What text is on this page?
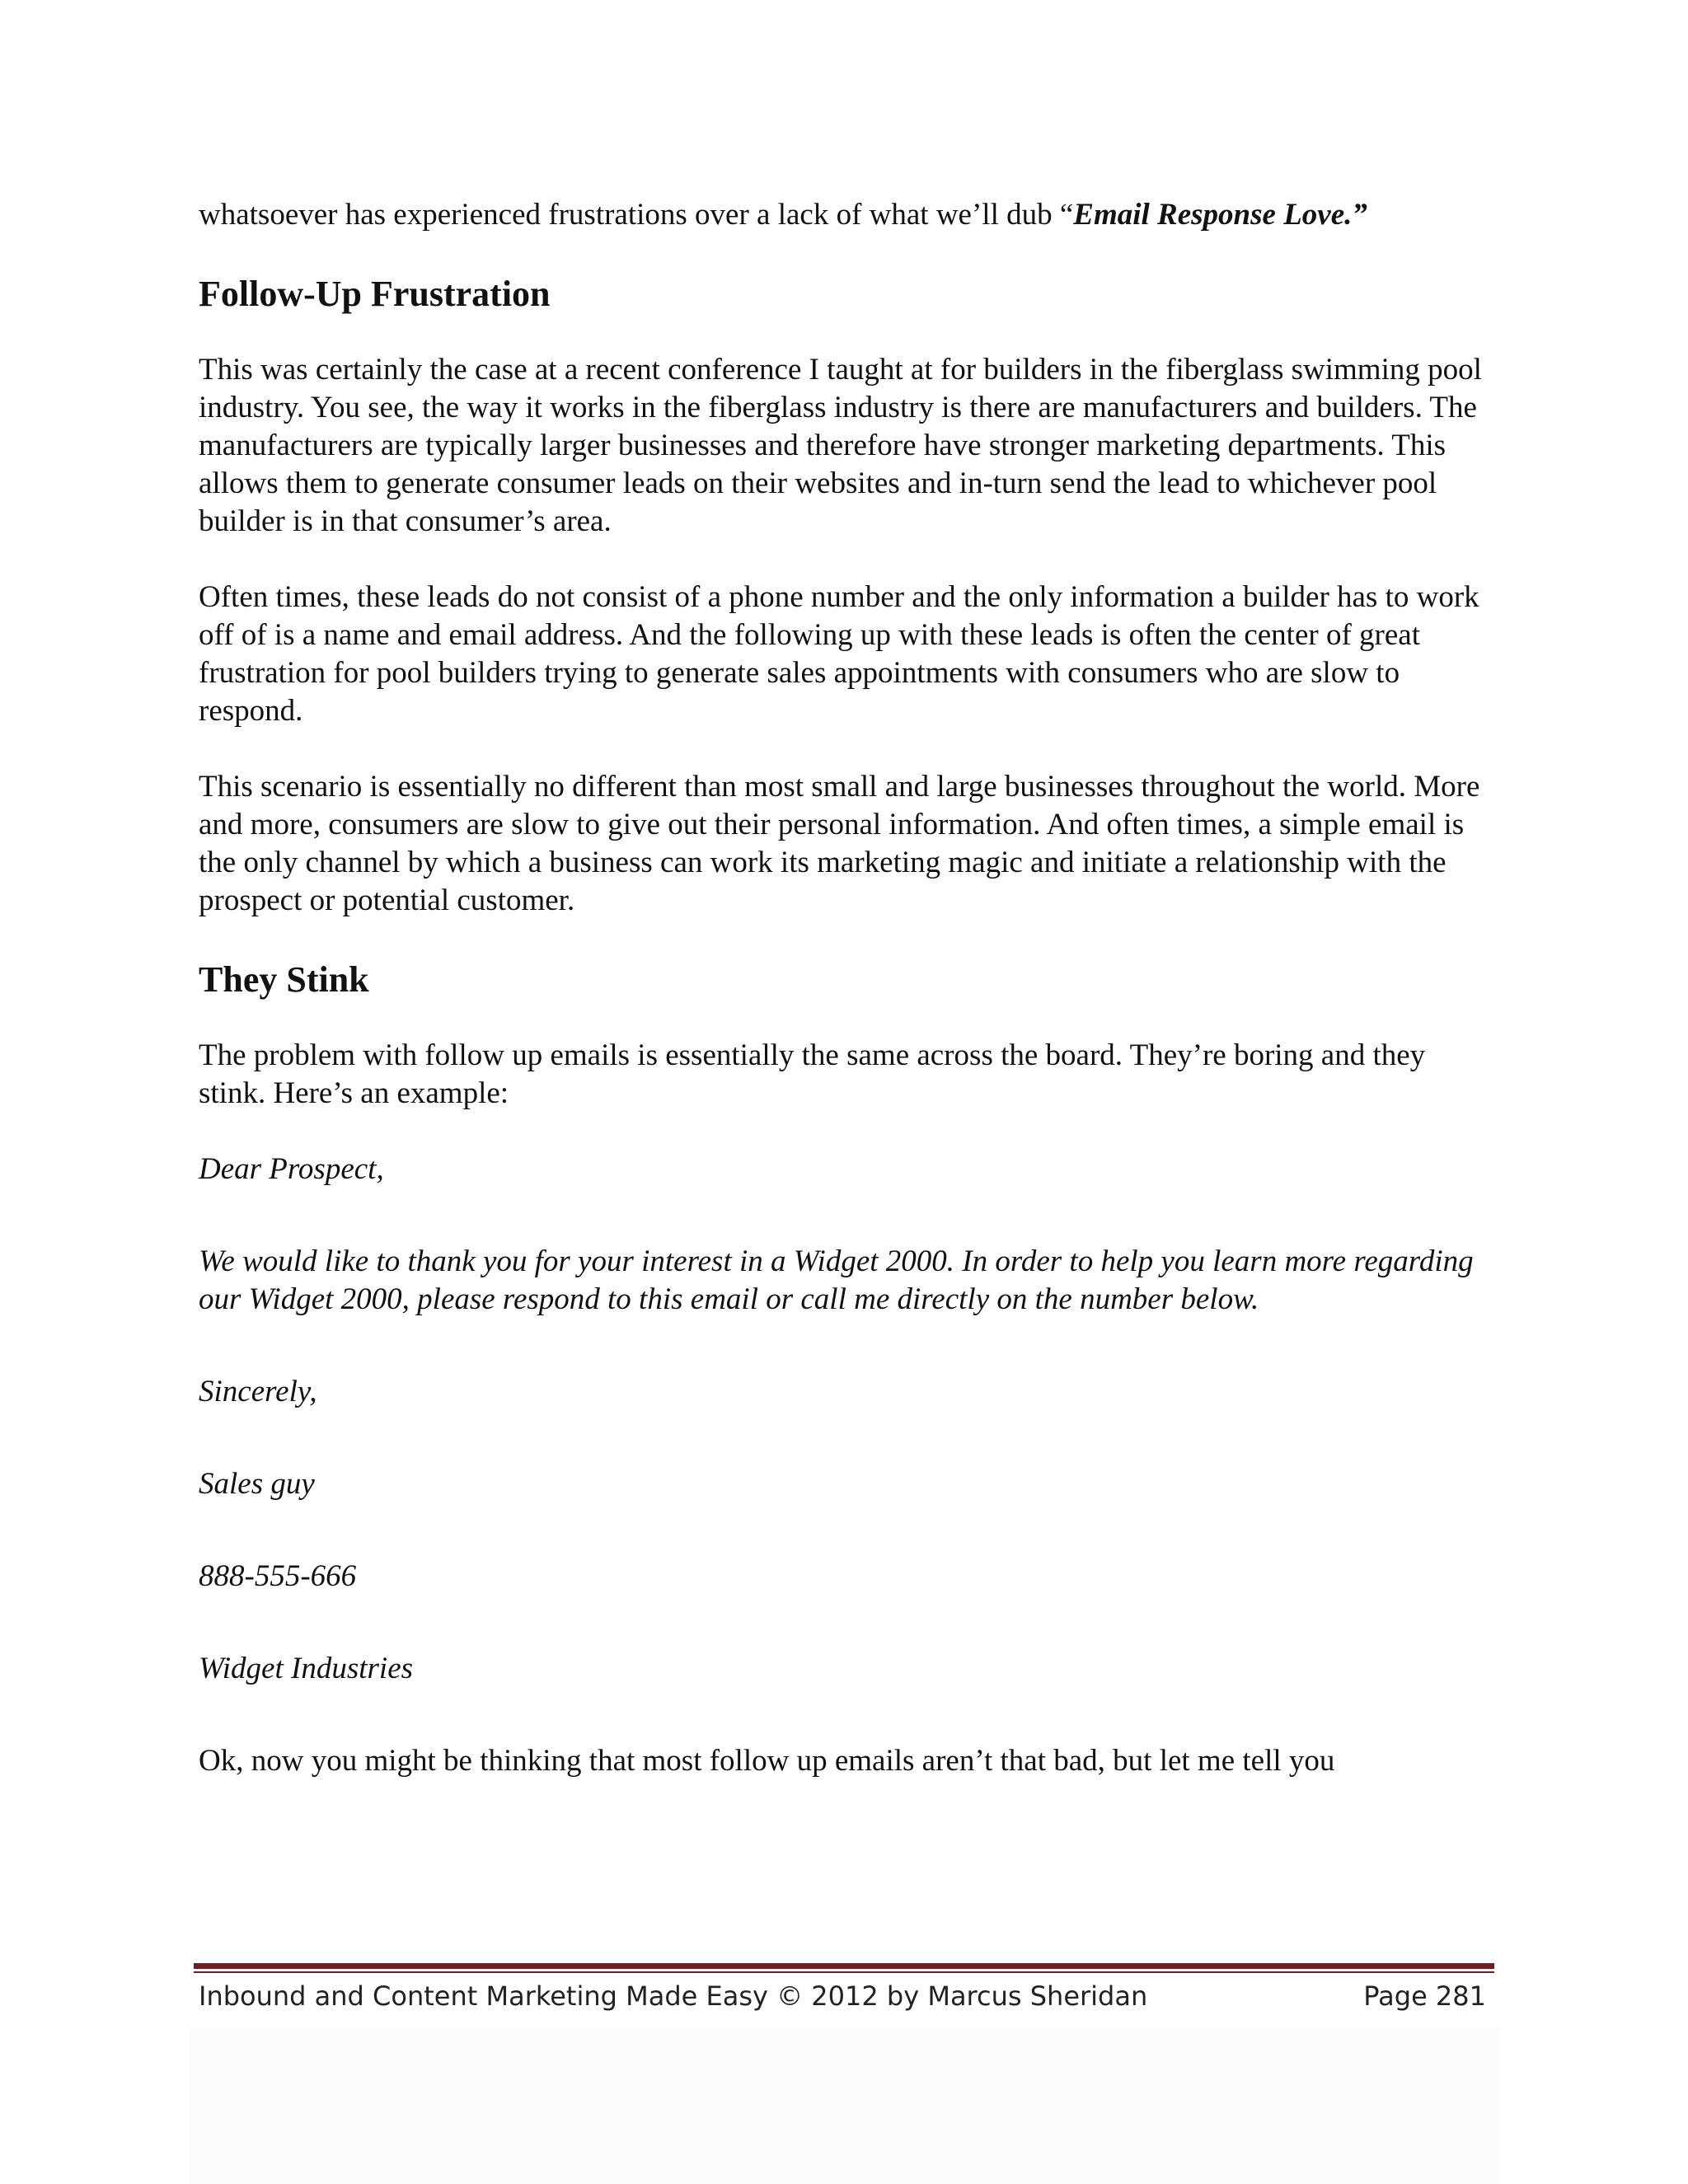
whatsoever has experienced frustrations over a lack of what we’ll dub “Email Response Love.”

Follow-Up Frustration

This was certainly the case at a recent conference I taught at for builders in the fiberglass swimming pool industry. You see, the way it works in the fiberglass industry is there are manufacturers and builders. The manufacturers are typically larger businesses and therefore have stronger marketing departments. This allows them to generate consumer leads on their websites and in-turn send the lead to whichever pool builder is in that consumer’s area.

Often times, these leads do not consist of a phone number and the only information a builder has to work off of is a name and email address. And the following up with these leads is often the center of great frustration for pool builders trying to generate sales appointments with consumers who are slow to respond.

This scenario is essentially no different than most small and large businesses throughout the world. More and more, consumers are slow to give out their personal information. And often times, a simple email is the only channel by which a business can work its marketing magic and initiate a relationship with the prospect or potential customer.

They Stink

The problem with follow up emails is essentially the same across the board. They’re boring and they stink. Here’s an example:

Dear Prospect,

We would like to thank you for your interest in a Widget 2000. In order to help you learn more regarding our Widget 2000, please respond to this email or call me directly on the number below.

Sincerely,

Sales guy

888-555-666

Widget Industries

Ok, now you might be thinking that most follow up emails aren’t that bad, but let me tell you

Inbound and Content Marketing Made Easy © 2012 by Marcus Sheridan	Page 281
